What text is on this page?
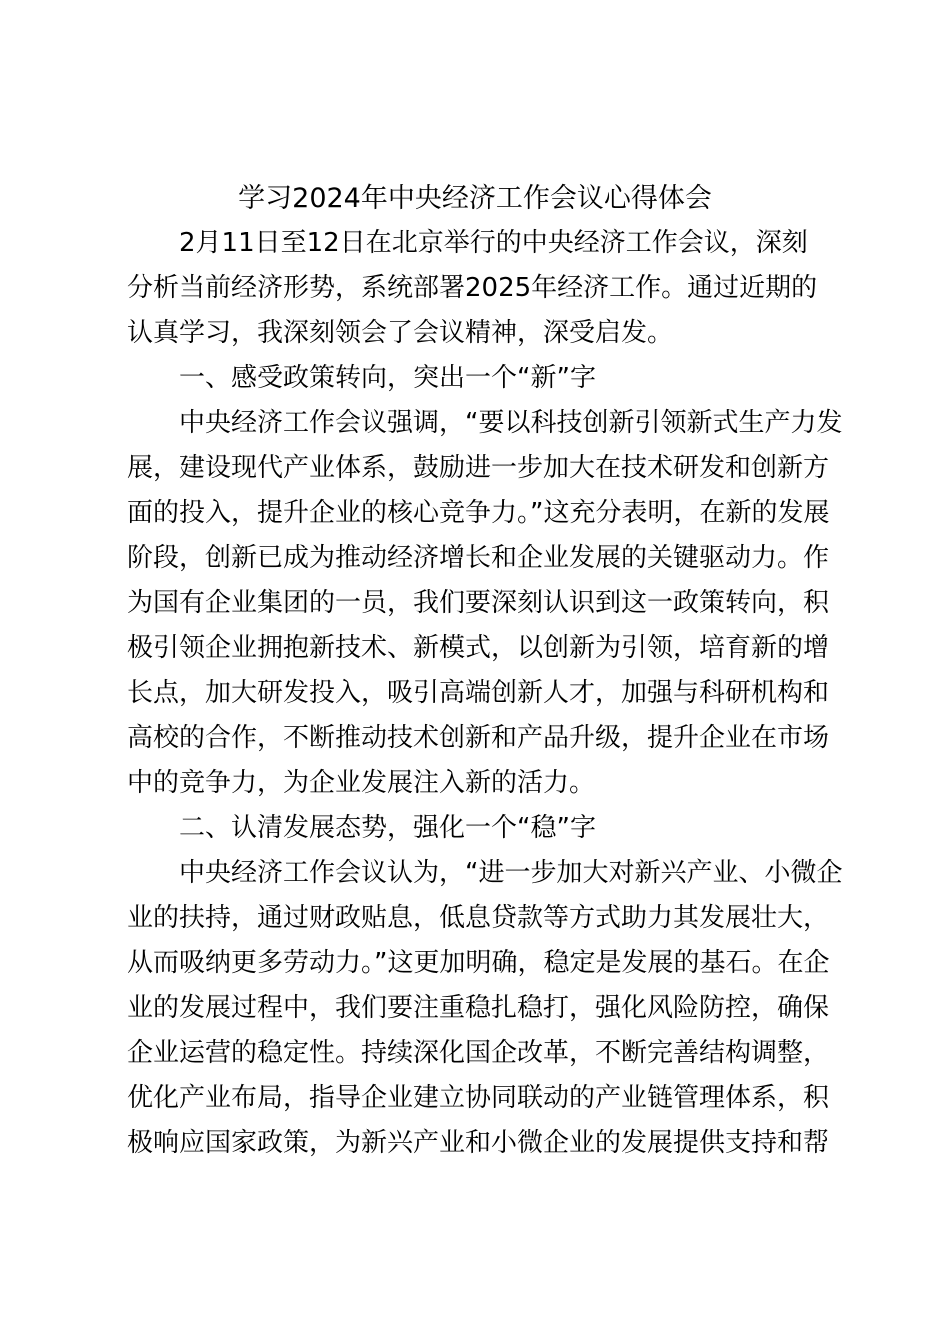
学习2024年中央经济工作会议心得体会
2月11日至12日在北京举行的中央经济工作会议，深刻
分析当前经济形势，系统部署2025年经济工作。通过近期的
认真学习，我深刻领会了会议精神，深受启发。
一、感受政策转向，突出一个“新”字
中央经济工作会议强调，“要以科技创新引领新式生产力发
展，建设现代产业体系，鼓励进一步加大在技术研发和创新方
面的投入，提升企业的核心竞争力。”这充分表明，在新的发展
阶段，创新已成为推动经济增长和企业发展的关键驱动力。作
为国有企业集团的一员，我们要深刻认识到这一政策转向，积
极引领企业拥抱新技术、新模式，以创新为引领，培育新的增
长点，加大研发投入，吸引高端创新人才，加强与科研机构和
高校的合作，不断推动技术创新和产品升级，提升企业在市场
中的竞争力，为企业发展注入新的活力。
二、认清发展态势，强化一个“稳”字
中央经济工作会议认为，“进一步加大对新兴产业、小微企
业的扶持，通过财政贴息，低息贷款等方式助力其发展壮大，
从而吸纳更多劳动力。”这更加明确，稳定是发展的基石。在企
业的发展过程中，我们要注重稳扎稳打，强化风险防控，确保
企业运营的稳定性。持续深化国企改革，不断完善结构调整，
优化产业布局，指导企业建立协同联动的产业链管理体系，积
极响应国家政策，为新兴产业和小微企业的发展提供支持和帮
